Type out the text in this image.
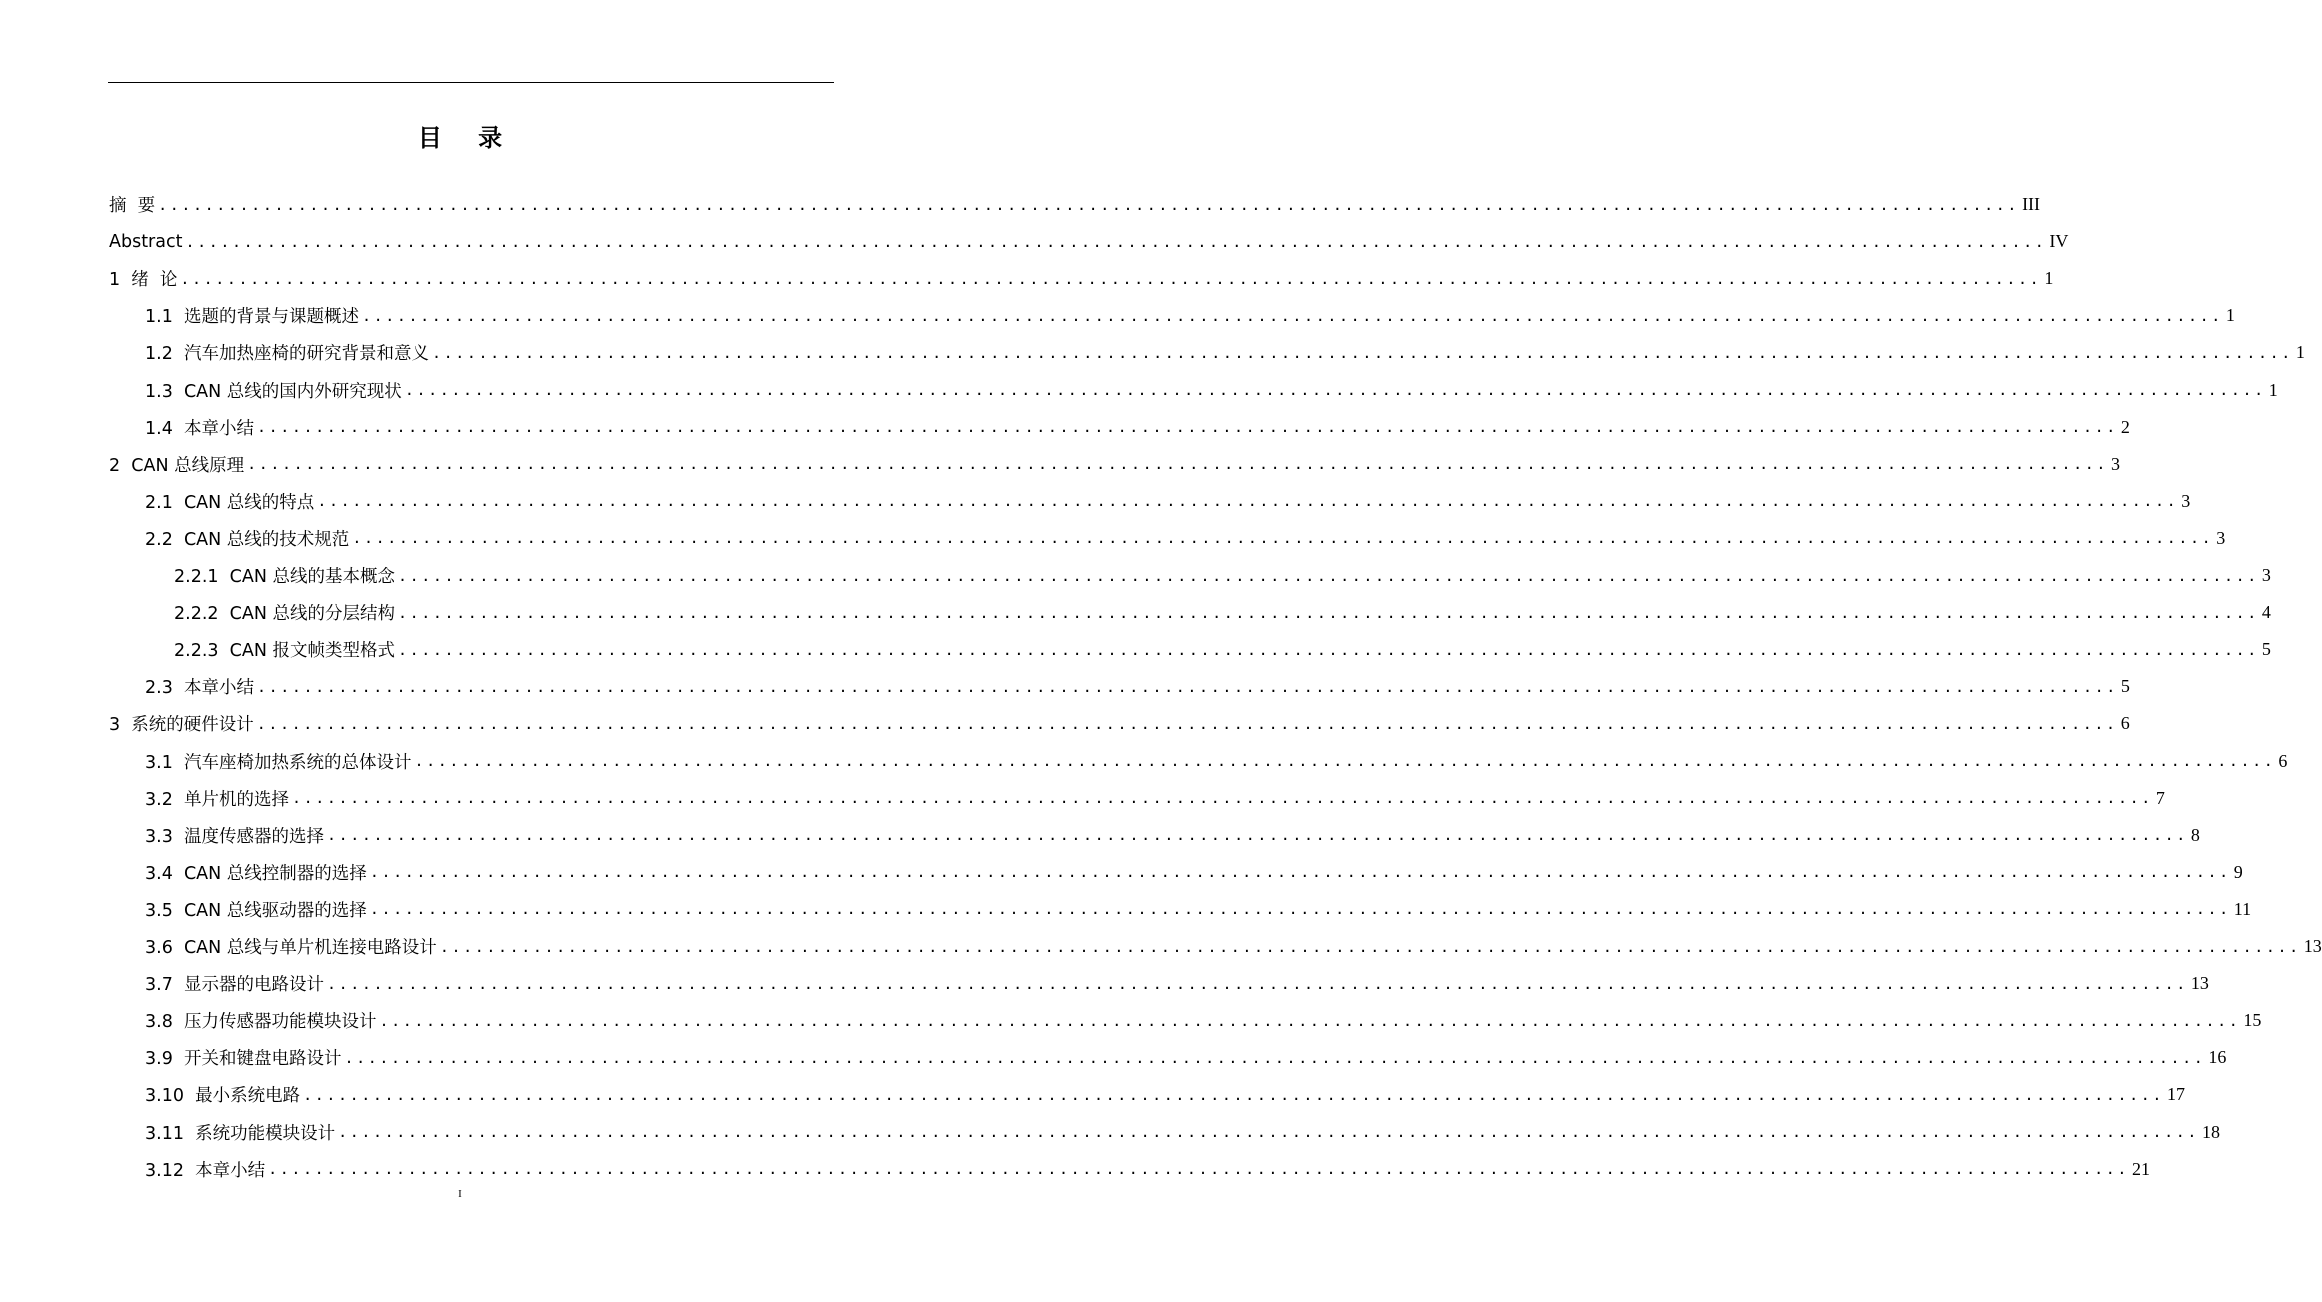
目 录
摘  要 ................................................................................................................................................................ III
Abstract ................................................................................................................................................................ IV
1  绪  论 ................................................................................................................................................................ 1
1.1  选题的背景与课题概述 ................................................................................................................................................................ 1
1.2  汽车加热座椅的研究背景和意义 ................................................................................................................................................................ 1
1.3  CAN 总线的国内外研究现状 ................................................................................................................................................................ 1
1.4  本章小结 ................................................................................................................................................................ 2
2  CAN 总线原理 ................................................................................................................................................................ 3
2.1  CAN 总线的特点 ................................................................................................................................................................ 3
2.2  CAN 总线的技术规范 ................................................................................................................................................................ 3
2.2.1  CAN 总线的基本概念 ................................................................................................................................................................ 3
2.2.2  CAN 总线的分层结构 ................................................................................................................................................................ 4
2.2.3  CAN 报文帧类型格式 ................................................................................................................................................................ 5
2.3  本章小结 ................................................................................................................................................................ 5
3  系统的硬件设计 ................................................................................................................................................................ 6
3.1  汽车座椅加热系统的总体设计 ................................................................................................................................................................ 6
3.2  单片机的选择 ................................................................................................................................................................ 7
3.3  温度传感器的选择 ................................................................................................................................................................ 8
3.4  CAN 总线控制器的选择 ................................................................................................................................................................ 9
3.5  CAN 总线驱动器的选择 ................................................................................................................................................................ 11
3.6  CAN 总线与单片机连接电路设计 ................................................................................................................................................................ 13
3.7  显示器的电路设计 ................................................................................................................................................................ 13
3.8  压力传感器功能模块设计 ................................................................................................................................................................ 15
3.9  开关和键盘电路设计 ................................................................................................................................................................ 16
3.10  最小系统电路 ................................................................................................................................................................ 17
3.11  系统功能模块设计 ................................................................................................................................................................ 18
3.12  本章小结 ................................................................................................................................................................ 21
I
